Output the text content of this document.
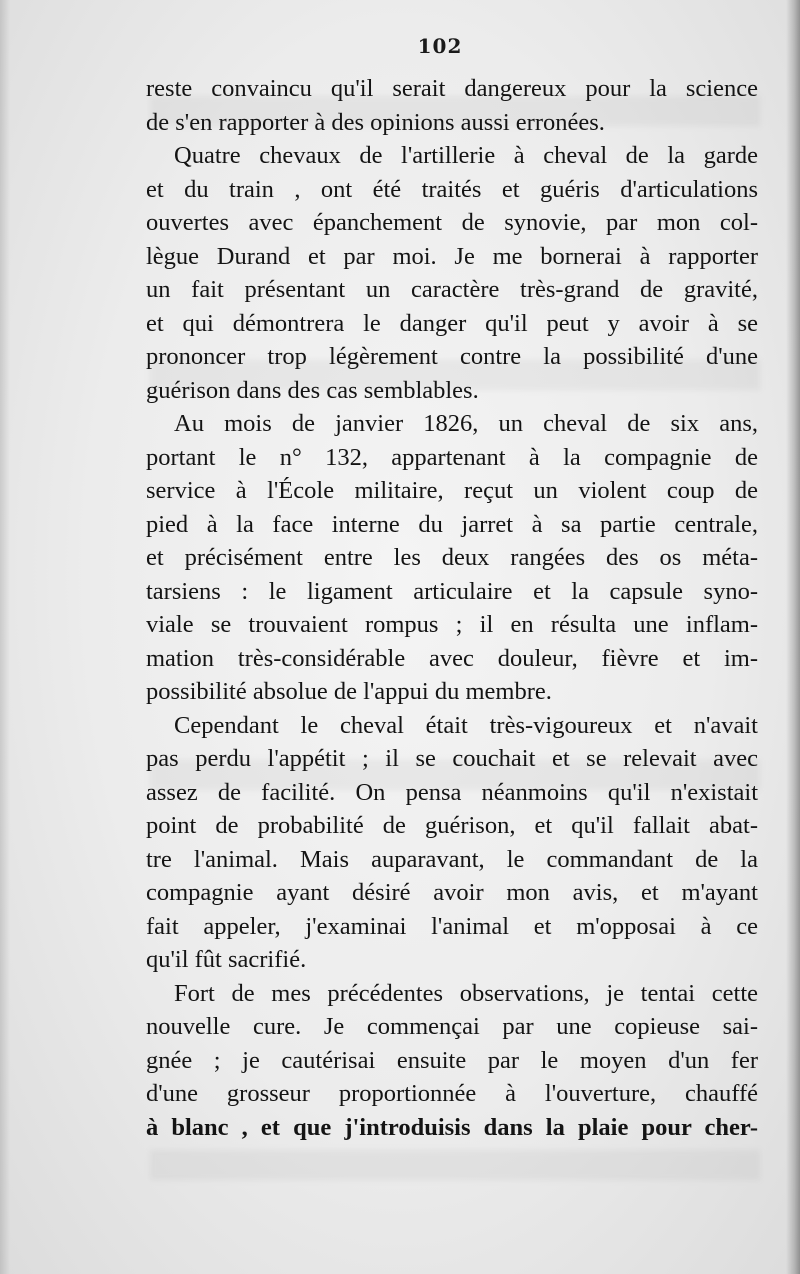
102
reste convaincu qu'il serait dangereux pour la science
de s'en rapporter à des opinions aussi erronées.
Quatre chevaux de l'artillerie à cheval de la garde
et du train , ont été traités et guéris d'articulations
ouvertes avec épanchement de synovie, par mon col-
lègue Durand et par moi. Je me bornerai à rapporter
un fait présentant un caractère très-grand de gravité,
et qui démontrera le danger qu'il peut y avoir à se
prononcer trop légèrement contre la possibilité d'une
guérison dans des cas semblables.
Au mois de janvier 1826, un cheval de six ans,
portant le n° 132, appartenant à la compagnie de
service à l'École militaire, reçut un violent coup de
pied à la face interne du jarret à sa partie centrale,
et précisément entre les deux rangées des os méta-
tarsiens : le ligament articulaire et la capsule syno-
viale se trouvaient rompus ; il en résulta une inflam-
mation très-considérable avec douleur, fièvre et im-
possibilité absolue de l'appui du membre.
Cependant le cheval était très-vigoureux et n'avait
pas perdu l'appétit ; il se couchait et se relevait avec
assez de facilité. On pensa néanmoins qu'il n'existait
point de probabilité de guérison, et qu'il fallait abat-
tre l'animal. Mais auparavant, le commandant de la
compagnie ayant désiré avoir mon avis, et m'ayant
fait appeler, j'examinai l'animal et m'opposai à ce
qu'il fût sacrifié.
Fort de mes précédentes observations, je tentai cette
nouvelle cure. Je commençai par une copieuse sai-
gnée ; je cautérisai ensuite par le moyen d'un fer
d'une grosseur proportionnée à l'ouverture, chauffé
à blanc , et que j'introduisis dans la plaie pour cher-
